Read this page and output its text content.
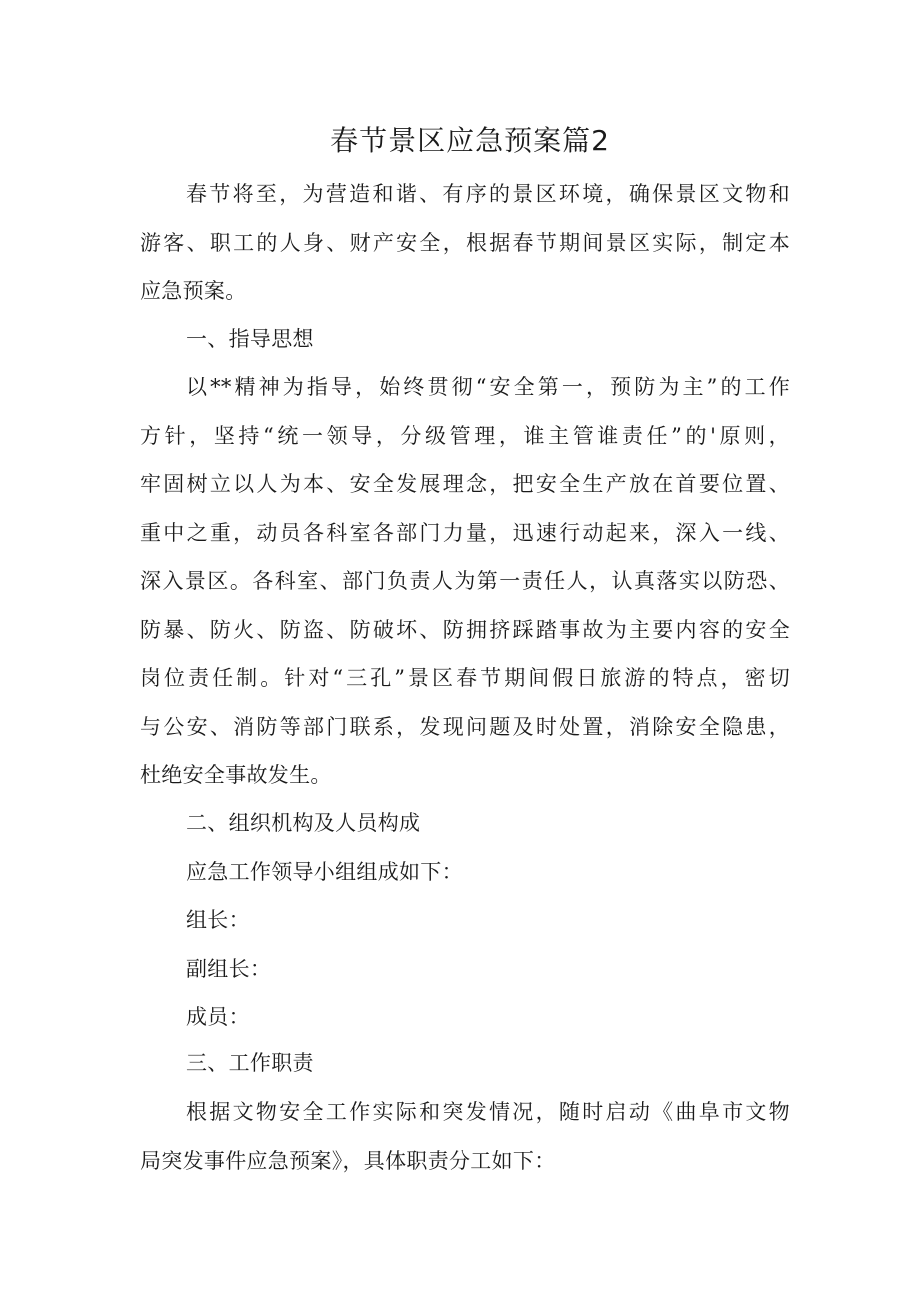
春节景区应急预案篇2
春节将至，为营造和谐、有序的景区环境，确保景区文物和
游客、职工的人身、财产安全，根据春节期间景区实际，制定本
应急预案。
一、指导思想
以**精神为指导，始终贯彻“安全第一，预防为主”的工作
方针，坚持“统一领导，分级管理，谁主管谁责任”的'原则，
牢固树立以人为本、安全发展理念，把安全生产放在首要位置、
重中之重，动员各科室各部门力量，迅速行动起来，深入一线、
深入景区。各科室、部门负责人为第一责任人，认真落实以防恐、
防暴、防火、防盗、防破坏、防拥挤踩踏事故为主要内容的安全
岗位责任制。针对“三孔”景区春节期间假日旅游的特点，密切
与公安、消防等部门联系，发现问题及时处置，消除安全隐患，
杜绝安全事故发生。
二、组织机构及人员构成
应急工作领导小组组成如下：
组长：
副组长：
成员：
三、工作职责
根据文物安全工作实际和突发情况，随时启动《曲阜市文物
局突发事件应急预案》，具体职责分工如下：
